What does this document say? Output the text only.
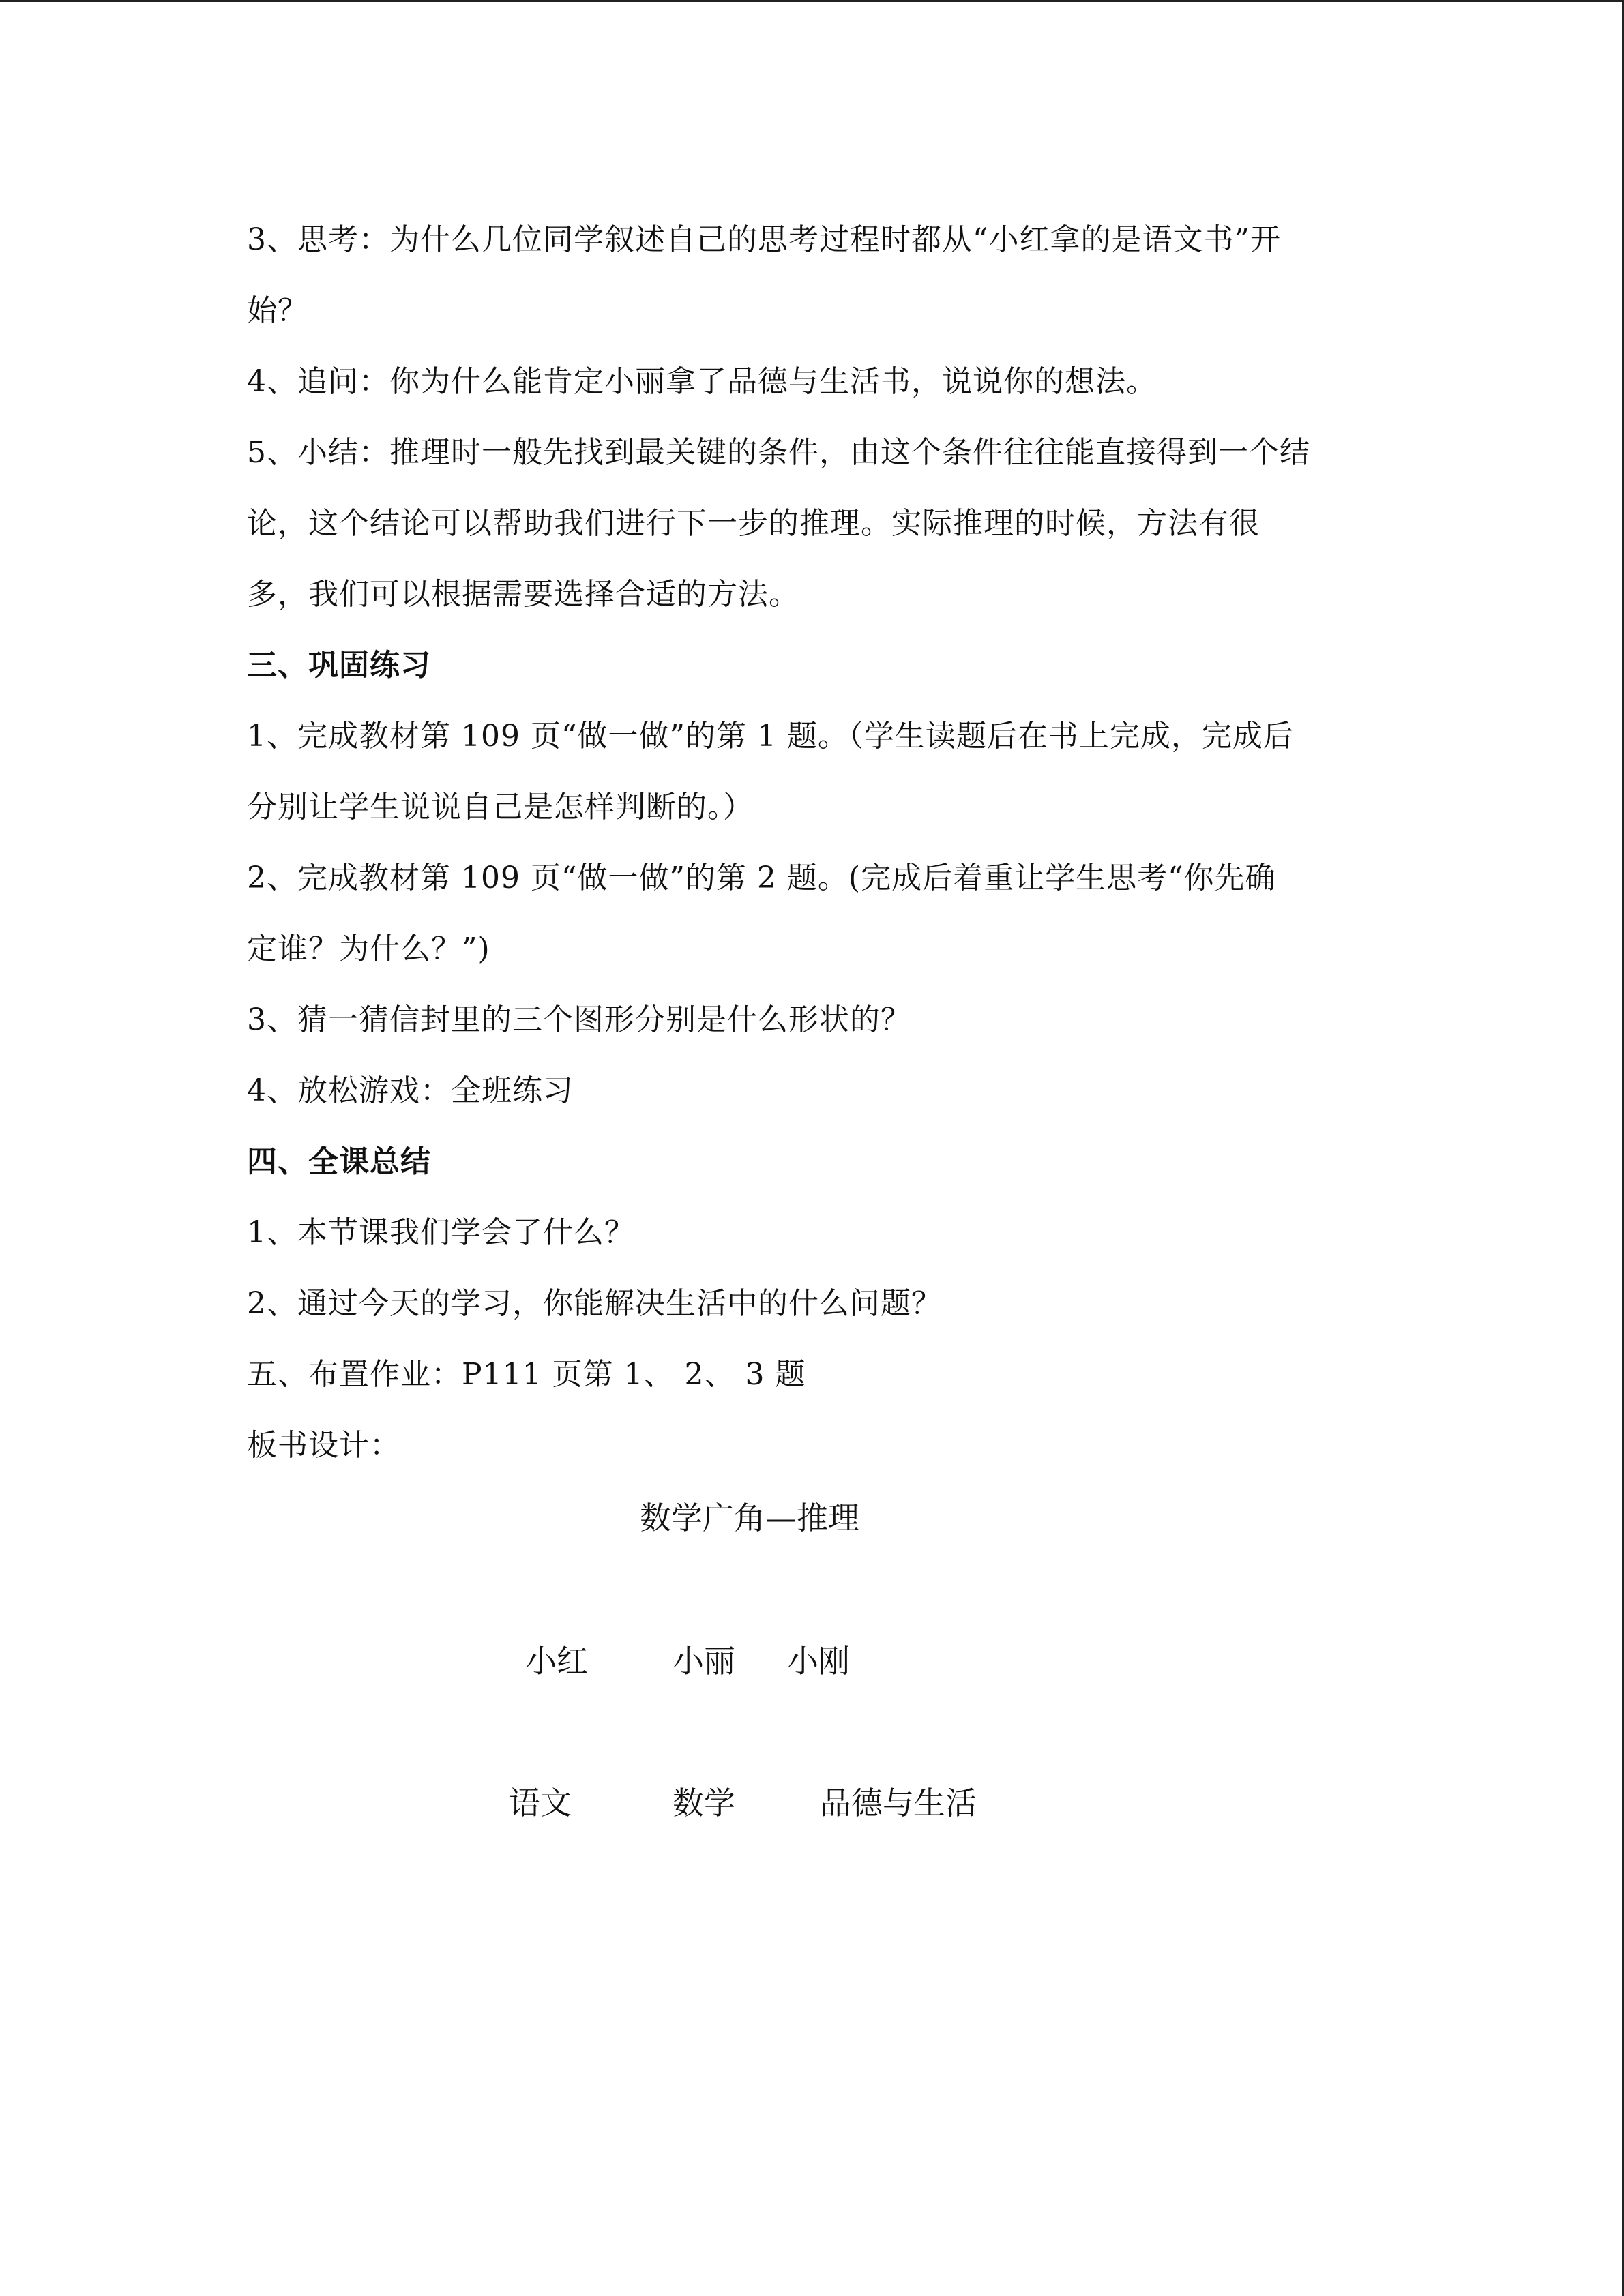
3、思考：为什么几位同学叙述自己的思考过程时都从“小红拿的是语文书”开
始？
4、追问：你为什么能肯定小丽拿了品德与生活书，说说你的想法。
5、小结：推理时一般先找到最关键的条件，由这个条件往往能直接得到一个结
论，这个结论可以帮助我们进行下一步的推理。实际推理的时候，方法有很
多，我们可以根据需要选择合适的方法。
三、巩固练习
1、完成教材第 109 页“做一做”的第 1 题。（学生读题后在书上完成，完成后
分别让学生说说自己是怎样判断的。）
2、完成教材第 109 页“做一做”的第 2 题。(完成后着重让学生思考“你先确
定谁？为什么？”)
3、猜一猜信封里的三个图形分别是什么形状的？
4、放松游戏：全班练习
四、全课总结
1、本节课我们学会了什么？
2、通过今天的学习，你能解决生活中的什么问题？
五、布置作业：P111 页第 1、 2、 3 题
板书设计：
数学广角—推理
小红	小丽 小刚
语文	数学	品德与生活
